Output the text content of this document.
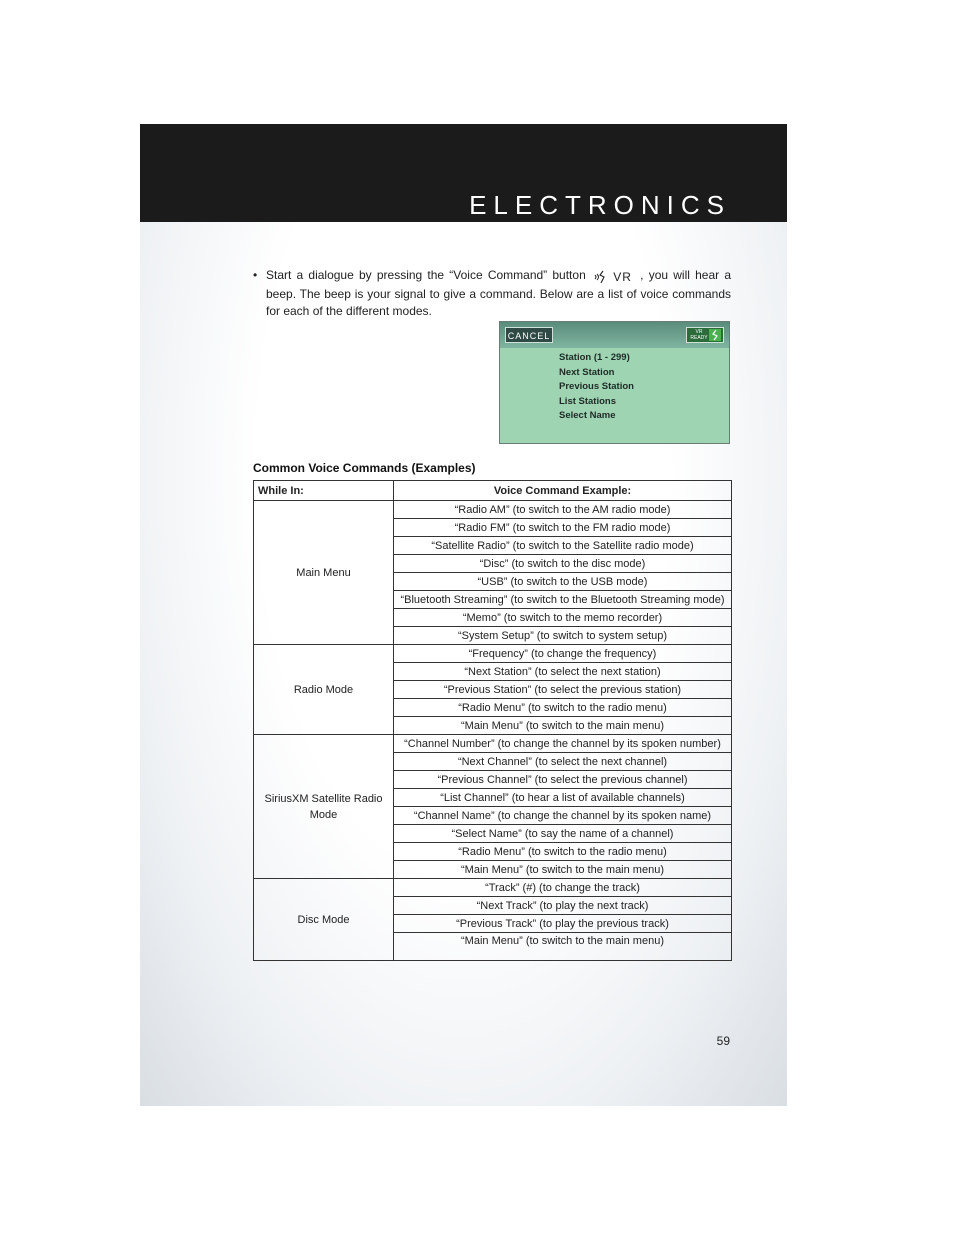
ELECTRONICS
• Start a dialogue by pressing the “Voice Command” button VR , you will hear a beep. The beep is your signal to give a command. Below are a list of voice commands for each of the different modes.
CANCEL	VR READY
Station (1 - 299)
Next Station
Previous Station
List Stations
Select Name
Common Voice Commands (Examples)
While In:	Voice Command Example:
Main Menu	“Radio AM” (to switch to the AM radio mode)
	“Radio FM” (to switch to the FM radio mode)
	“Satellite Radio” (to switch to the Satellite radio mode)
	“Disc” (to switch to the disc mode)
	“USB” (to switch to the USB mode)
	“Bluetooth Streaming” (to switch to the Bluetooth Streaming mode)
	“Memo” (to switch to the memo recorder)
	“System Setup” (to switch to system setup)
Radio Mode	“Frequency” (to change the frequency)
	“Next Station” (to select the next station)
	“Previous Station” (to select the previous station)
	“Radio Menu” (to switch to the radio menu)
	“Main Menu” (to switch to the main menu)
SiriusXM Satellite Radio Mode	“Channel Number” (to change the channel by its spoken number)
	“Next Channel” (to select the next channel)
	“Previous Channel” (to select the previous channel)
	“List Channel” (to hear a list of available channels)
	“Channel Name” (to change the channel by its spoken name)
	“Select Name” (to say the name of a channel)
	“Radio Menu” (to switch to the radio menu)
	“Main Menu” (to switch to the main menu)
Disc Mode	“Track” (#) (to change the track)
	“Next Track” (to play the next track)
	“Previous Track” (to play the previous track)
	“Main Menu” (to switch to the main menu)
59
